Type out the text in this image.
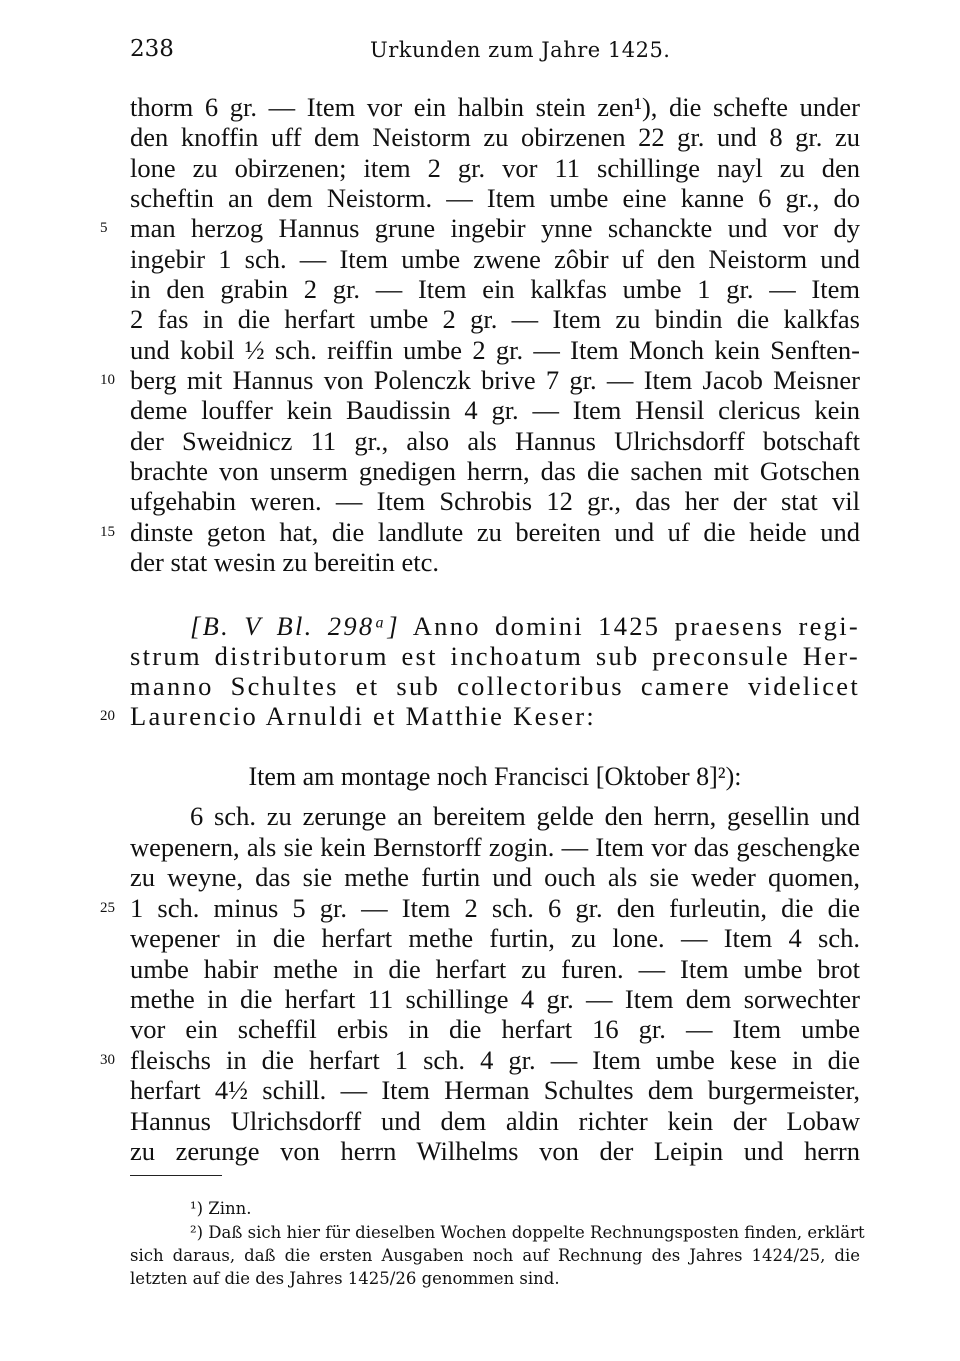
238	Urkunden zum Jahre 1425.
thorm 6 gr. — Item vor ein halbin stein zen¹), die schefte under
den knoffin uff dem Neistorm zu obirzenen 22 gr. und 8 gr. zu
lone zu obirzenen; item 2 gr. vor 11 schillinge nayl zu den
scheftin an dem Neistorm. — Item umbe eine kanne 6 gr., do
man herzog Hannus grune ingebir ynne schanckte und vor dy
ingebir 1 sch. — Item umbe zwene zôbir uf den Neistorm und
in den grabin 2 gr. — Item ein kalkfas umbe 1 gr. — Item
2 fas in die herfart umbe 2 gr. — Item zu bindin die kalkfas
und kobil ½ sch. reiffin umbe 2 gr. — Item Monch kein Senften-
berg mit Hannus von Polenczk brive 7 gr. — Item Jacob Meisner
deme louffer kein Baudissin 4 gr. — Item Hensil clericus kein
der Sweidnicz 11 gr., also als Hannus Ulrichsdorff botschaft
brachte von unserm gnedigen herrn, das die sachen mit Gotschen
ufgehabin weren. — Item Schrobis 12 gr., das her der stat vil
dinste geton hat, die landlute zu bereiten und uf die heide und
der stat wesin zu bereitin etc.
[B. V Bl. 298ᵃ] Anno domini 1425 praesens regi-
strum distributorum est inchoatum sub preconsule Her-
manno Schultes et sub collectoribus camere videlicet
Laurencio Arnuldi et Matthie Keser:
Item am montage noch Francisci [Oktober 8]²):
6 sch. zu zerunge an bereitem gelde den herrn, gesellin und
wepenern, als sie kein Bernstorff zogin. — Item vor das geschengke
zu weyne, das sie methe furtin und ouch als sie weder quomen,
1 sch. minus 5 gr. — Item 2 sch. 6 gr. den furleutin, die die
wepener in die herfart methe furtin, zu lone. — Item 4 sch.
umbe habir methe in die herfart zu furen. — Item umbe brot
methe in die herfart 11 schillinge 4 gr. — Item dem sorwechter
vor ein scheffil erbis in die herfart 16 gr. — Item umbe
fleischs in die herfart 1 sch. 4 gr. — Item umbe kese in die
herfart 4½ schill. — Item Herman Schultes dem burgermeister,
Hannus Ulrichsdorff und dem aldin richter kein der Lobaw
zu zerunge von herrn Wilhelms von der Leipin und herrn
5
10
15
20
25
30
¹) Zinn.
²) Daß sich hier für dieselben Wochen doppelte Rechnungsposten finden, erklärt
sich daraus, daß die ersten Ausgaben noch auf Rechnung des Jahres 1424/25, die
letzten auf die des Jahres 1425/26 genommen sind.
